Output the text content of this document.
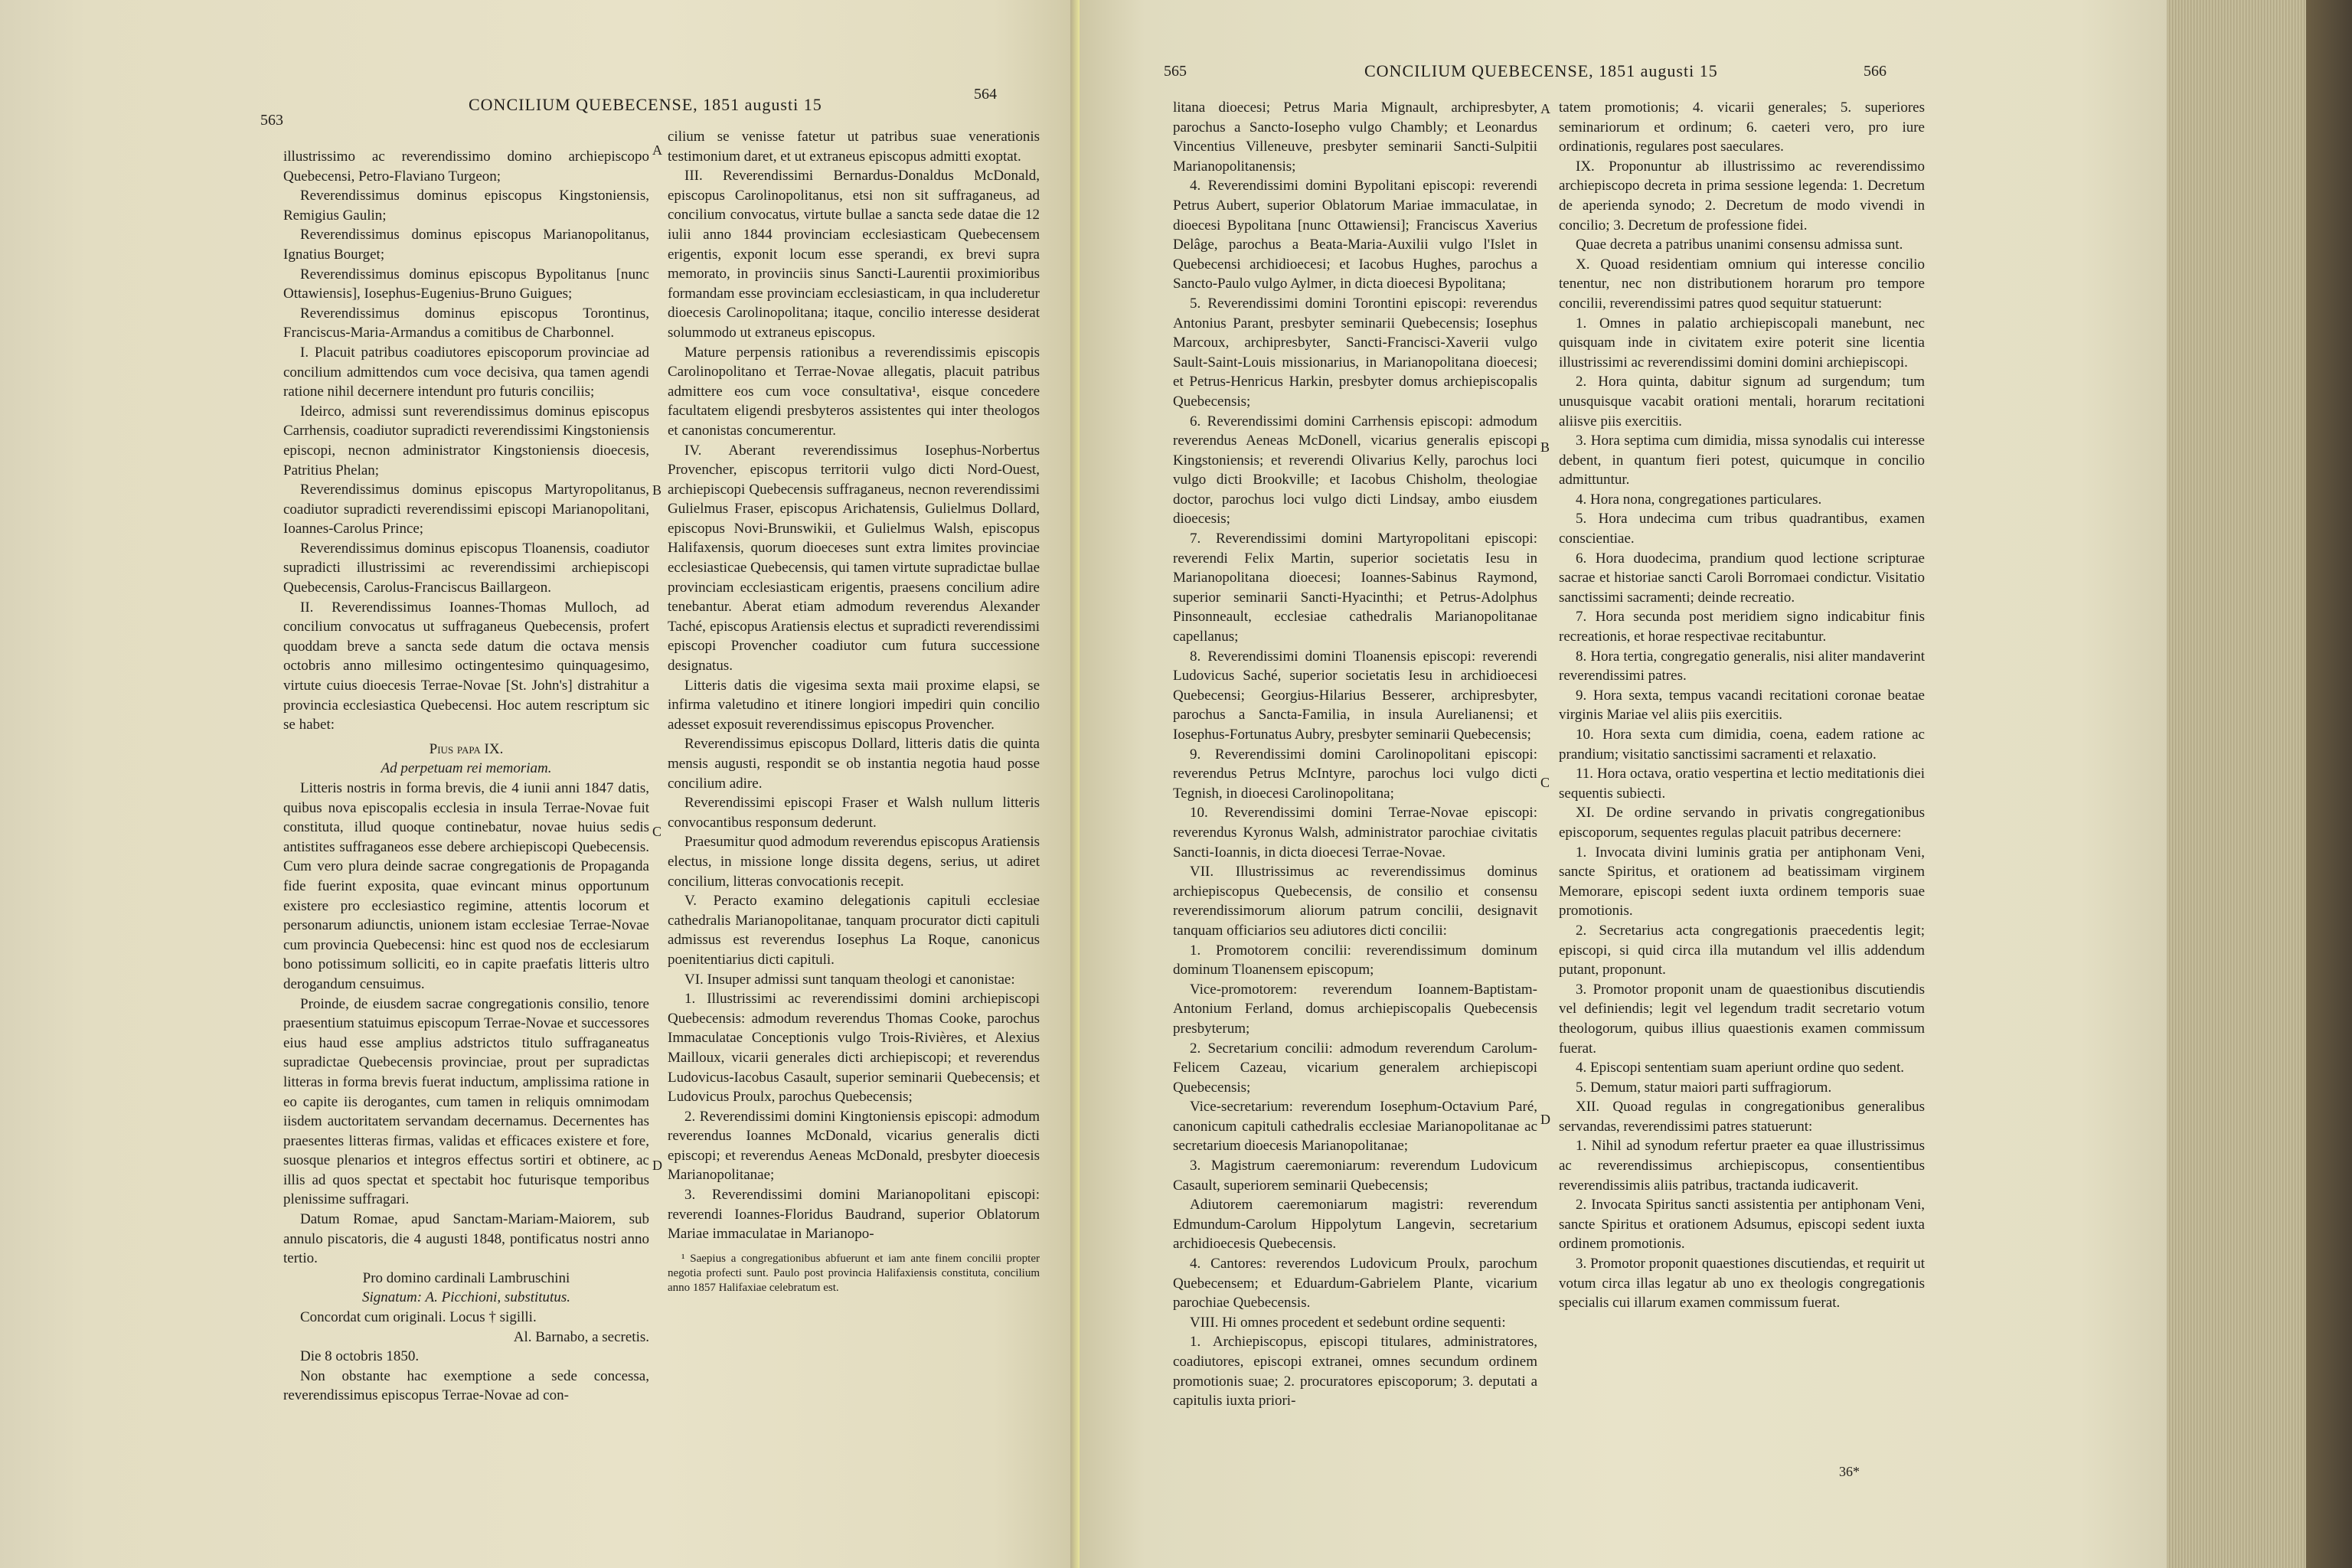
563
CONCILIUM QUEBECENSE, 1851 augusti 15
564

illustrissimo ac reverendissimo domino archiepiscopo Quebecensi, Petro-Flaviano Turgeon;

Reverendissimus dominus episcopus Kingstoniensis, Remigius Gaulin;

Reverendissimus dominus episcopus Marianopolitanus, Ignatius Bourget;

Reverendissimus dominus episcopus Bypolitanus [nunc Ottawiensis], Iosephus-Eugenius-Bruno Guigues;

Reverendissimus dominus episcopus Torontinus, Franciscus-Maria-Armandus a comitibus de Charbonnel.

I. Placuit patribus coadiutores episcoporum provinciae ad concilium admittendos cum voce decisiva, qua tamen agendi ratione nihil decernere intendunt pro futuris conciliis;

Ideirco, admissi sunt reverendissimus dominus episcopus Carrhensis, coadiutor supradicti reverendissimi Kingstoniensis episcopi, necnon administrator Kingstoniensis dioecesis, Patritius Phelan;

Reverendissimus dominus episcopus Martyropolitanus, coadiutor supradicti reverendissimi episcopi Marianopolitani, Ioannes-Carolus Prince;

Reverendissimus dominus episcopus Tloanensis, coadiutor supradicti illustrissimi ac reverendissimi archiepiscopi Quebecensis, Carolus-Franciscus Baillargeon.

II. Reverendissimus Ioannes-Thomas Mulloch, ad concilium convocatus ut suffraganeus Quebecensis, profert quoddam breve a sancta sede datum die octava mensis octobris anno millesimo octingentesimo quinquagesimo, virtute cuius dioecesis Terrae-Novae [St. John's] distrahitur a provincia ecclesiastica Quebecensi. Hoc autem rescriptum sic se habet:

Pius papa IX.

Ad perpetuam rei memoriam.

Litteris nostris in forma brevis, die 4 iunii anni 1847 datis, quibus nova episcopalis ecclesia in insula Terrae-Novae fuit constituta, illud quoque continebatur, novae huius sedis antistites suffraganeos esse debere archiepiscopi Quebecensis. Cum vero plura deinde sacrae congregationis de Propaganda fide fuerint exposita, quae evincant minus opportunum existere pro ecclesiastico regimine, attentis locorum et personarum adiunctis, unionem istam ecclesiae Terrae-Novae cum provincia Quebecensi: hinc est quod nos de ecclesiarum bono potissimum solliciti, eo in capite praefatis litteris ultro derogandum censuimus.

Proinde, de eiusdem sacrae congregationis consilio, tenore praesentium statuimus episcopum Terrae-Novae et successores eius haud esse amplius adstrictos titulo suffraganeatus supradictae Quebecensis provinciae, prout per supradictas litteras in forma brevis fuerat inductum, amplissima ratione in eo capite iis derogantes, cum tamen in reliquis omnimodam iisdem auctoritatem servandam decernamus. Decernentes has praesentes litteras firmas, validas et efficaces existere et fore, suosque plenarios et integros effectus sortiri et obtinere, ac illis ad quos spectat et spectabit hoc futurisque temporibus plenissime suffragari.

Datum Romae, apud Sanctam-Mariam-Maiorem, sub annulo piscatoris, die 4 augusti 1848, pontificatus nostri anno tertio.

Pro domino cardinali Lambruschini

Signatum: A. Picchioni, substitutus.

Concordat cum originali. Locus † sigilli.

Al. Barnabo, a secretis.

Die 8 octobris 1850.

Non obstante hac exemptione a sede concessa, reverendissimus episcopus Terrae-Novae ad con-

A
B
C
D

cilium se venisse fatetur ut patribus suae venerationis testimonium daret, et ut extraneus episcopus admitti exoptat.

III. Reverendissimi Bernardus-Donaldus McDonald, episcopus Carolinopolitanus, etsi non sit suffraganeus, ad concilium convocatus, virtute bullae a sancta sede datae die 12 iulii anno 1844 provinciam ecclesiasticam Quebecensem erigentis, exponit locum esse sperandi, ex brevi supra memorato, in provinciis sinus Sancti-Laurentii proximioribus formandam esse provinciam ecclesiasticam, in qua includeretur dioecesis Carolinopolitana; itaque, concilio interesse desiderat solummodo ut extraneus episcopus.

Mature perpensis rationibus a reverendissimis episcopis Carolinopolitano et Terrae-Novae allegatis, placuit patribus admittere eos cum voce consultativa¹, eisque concedere facultatem eligendi presbyteros assistentes qui inter theologos et canonistas concumerentur.

IV. Aberant reverendissimus Iosephus-Norbertus Provencher, episcopus territorii vulgo dicti Nord-Ouest, archiepiscopi Quebecensis suffraganeus, necnon reverendissimi Gulielmus Fraser, episcopus Arichatensis, Gulielmus Dollard, episcopus Novi-Brunswikii, et Gulielmus Walsh, episcopus Halifaxensis, quorum dioeceses sunt extra limites provinciae ecclesiasticae Quebecensis, qui tamen virtute supradictae bullae provinciam ecclesiasticam erigentis, praesens concilium adire tenebantur. Aberat etiam admodum reverendus Alexander Taché, episcopus Aratiensis electus et supradicti reverendissimi episcopi Provencher coadiutor cum futura successione designatus.

Litteris datis die vigesima sexta maii proxime elapsi, se infirma valetudino et itinere longiori impediri quin concilio adesset exposuit reverendissimus episcopus Provencher.

Reverendissimus episcopus Dollard, litteris datis die quinta mensis augusti, respondit se ob instantia negotia haud posse concilium adire.

Reverendissimi episcopi Fraser et Walsh nullum litteris convocantibus responsum dederunt.

Praesumitur quod admodum reverendus episcopus Aratiensis electus, in missione longe dissita degens, serius, ut adiret concilium, litteras convocationis recepit.

V. Peracto examino delegationis capituli ecclesiae cathedralis Marianopolitanae, tanquam procurator dicti capituli admissus est reverendus Iosephus La Roque, canonicus poenitentiarius dicti capituli.

VI. Insuper admissi sunt tanquam theologi et canonistae:

1. Illustrissimi ac reverendissimi domini archiepiscopi Quebecensis: admodum reverendus Thomas Cooke, parochus Immaculatae Conceptionis vulgo Trois-Rivières, et Alexius Mailloux, vicarii generales dicti archiepiscopi; et reverendus Ludovicus-Iacobus Casault, superior seminarii Quebecensis; et Ludovicus Proulx, parochus Quebecensis;

2. Reverendissimi domini Kingtoniensis episcopi: admodum reverendus Ioannes McDonald, vicarius generalis dicti episcopi; et reverendus Aeneas McDonald, presbyter dioecesis Marianopolitanae;

3. Reverendissimi domini Marianopolitani episcopi: reverendi Ioannes-Floridus Baudrand, superior Oblatorum Mariae immaculatae in Marianopo-

¹ Saepius a congregationibus abfuerunt et iam ante finem concilii propter negotia profecti sunt. Paulo post provincia Halifaxiensis constituta, concilium anno 1857 Halifaxiae celebratum est.

565	CONCILIUM QUEBECENSE, 1851 augusti 15	566

litana dioecesi; Petrus Maria Mignault, archipresbyter, parochus a Sancto-Iosepho vulgo Chambly; et Leonardus Vincentius Villeneuve, presbyter seminarii Sancti-Sulpitii Marianopolitanensis;

4. Reverendissimi domini Bypolitani episcopi: reverendi Petrus Aubert, superior Oblatorum Mariae immaculatae, in dioecesi Bypolitana [nunc Ottawiensi]; Franciscus Xaverius Delâge, parochus a Beata-Maria-Auxilii vulgo l'Islet in Quebecensi archidioecesi; et Iacobus Hughes, parochus a Sancto-Paulo vulgo Aylmer, in dicta dioecesi Bypolitana;

5. Reverendissimi domini Torontini episcopi: reverendus Antonius Parant, presbyter seminarii Quebecensis; Iosephus Marcoux, archipresbyter, Sancti-Francisci-Xaverii vulgo Sault-Saint-Louis missionarius, in Marianopolitana dioecesi; et Petrus-Henricus Harkin, presbyter domus archiepiscopalis Quebecensis;

6. Reverendissimi domini Carrhensis episcopi: admodum reverendus Aeneas McDonell, vicarius generalis episcopi Kingstoniensis; et reverendi Olivarius Kelly, parochus loci vulgo dicti Brookville; et Iacobus Chisholm, theologiae doctor, parochus loci vulgo dicti Lindsay, ambo eiusdem dioecesis;

7. Reverendissimi domini Martyropolitani episcopi: reverendi Felix Martin, superior societatis Iesu in Marianopolitana dioecesi; Ioannes-Sabinus Raymond, superior seminarii Sancti-Hyacinthi; et Petrus-Adolphus Pinsonneault, ecclesiae cathedralis Marianopolitanae capellanus;

8. Reverendissimi domini Tloanensis episcopi: reverendi Ludovicus Saché, superior societatis Iesu in archidioecesi Quebecensi; Georgius-Hilarius Besserer, archipresbyter, parochus a Sancta-Familia, in insula Aurelianensi; et Iosephus-Fortunatus Aubry, presbyter seminarii Quebecensis;

9. Reverendissimi domini Carolinopolitani episcopi: reverendus Petrus McIntyre, parochus loci vulgo dicti Tegnish, in dioecesi Carolinopolitana;

10. Reverendissimi domini Terrae-Novae episcopi: reverendus Kyronus Walsh, administrator parochiae civitatis Sancti-Ioannis, in dicta dioecesi Terrae-Novae.

VII. Illustrissimus ac reverendissimus dominus archiepiscopus Quebecensis, de consilio et consensu reverendissimorum aliorum patrum concilii, designavit tanquam officiarios seu adiutores dicti concilii:

1. Promotorem concilii: reverendissimum dominum dominum Tloanensem episcopum;

Vice-promotorem: reverendum Ioannem-Baptistam-Antonium Ferland, domus archiepiscopalis Quebecensis presbyterum;

2. Secretarium concilii: admodum reverendum Carolum-Felicem Cazeau, vicarium generalem archiepiscopi Quebecensis;

Vice-secretarium: reverendum Iosephum-Octavium Paré, canonicum capituli cathedralis ecclesiae Marianopolitanae ac secretarium dioecesis Marianopolitanae;

3. Magistrum caeremoniarum: reverendum Ludovicum Casault, superiorem seminarii Quebecensis;

Adiutorem caeremoniarum magistri: reverendum Edmundum-Carolum Hippolytum Langevin, secretarium archidioecesis Quebecensis.

4. Cantores: reverendos Ludovicum Proulx, parochum Quebecensem; et Eduardum-Gabrielem Plante, vicarium parochiae Quebecensis.

VIII. Hi omnes procedent et sedebunt ordine sequenti:

1. Archiepiscopus, episcopi titulares, administratores, coadiutores, episcopi extranei, omnes secundum ordinem promotionis suae; 2. procuratores episcoporum; 3. deputati a capitulis iuxta priori-

A
B
C
D

tatem promotionis; 4. vicarii generales; 5. superiores seminariorum et ordinum; 6. caeteri vero, pro iure ordinationis, regulares post saeculares.

IX. Proponuntur ab illustrissimo ac reverendissimo archiepiscopo decreta in prima sessione legenda: 1. Decretum de aperienda synodo; 2. Decretum de modo vivendi in concilio; 3. Decretum de professione fidei.

Quae decreta a patribus unanimi consensu admissa sunt.

X. Quoad residentiam omnium qui interesse concilio tenentur, nec non distributionem horarum pro tempore concilii, reverendissimi patres quod sequitur statuerunt:

1. Omnes in palatio archiepiscopali manebunt, nec quisquam inde in civitatem exire poterit sine licentia illustrissimi ac reverendissimi domini domini archiepiscopi.

2. Hora quinta, dabitur signum ad surgendum; tum unusquisque vacabit orationi mentali, horarum recitationi aliisve piis exercitiis.

3. Hora septima cum dimidia, missa synodalis cui interesse debent, in quantum fieri potest, quicumque in concilio admittuntur.

4. Hora nona, congregationes particulares.

5. Hora undecima cum tribus quadrantibus, examen conscientiae.

6. Hora duodecima, prandium quod lectione scripturae sacrae et historiae sancti Caroli Borromaei condictur. Visitatio sanctissimi sacramenti; deinde recreatio.

7. Hora secunda post meridiem signo indicabitur finis recreationis, et horae respectivae recitabuntur.

8. Hora tertia, congregatio generalis, nisi aliter mandaverint reverendissimi patres.

9. Hora sexta, tempus vacandi recitationi coronae beatae virginis Mariae vel aliis piis exercitiis.

10. Hora sexta cum dimidia, coena, eadem ratione ac prandium; visitatio sanctissimi sacramenti et relaxatio.

11. Hora octava, oratio vespertina et lectio meditationis diei sequentis subiecti.

XI. De ordine servando in privatis congregationibus episcoporum, sequentes regulas placuit patribus decernere:

1. Invocata divini luminis gratia per antiphonam Veni, sancte Spiritus, et orationem ad beatissimam virginem Memorare, episcopi sedent iuxta ordinem temporis suae promotionis.

2. Secretarius acta congregationis praecedentis legit; episcopi, si quid circa illa mutandum vel illis addendum putant, proponunt.

3. Promotor proponit unam de quaestionibus discutiendis vel definiendis; legit vel legendum tradit secretario votum theologorum, quibus illius quaestionis examen commissum fuerat.

4. Episcopi sententiam suam aperiunt ordine quo sedent.

5. Demum, statur maiori parti suffragiorum.

XII. Quoad regulas in congregationibus generalibus servandas, reverendissimi patres statuerunt:

1. Nihil ad synodum refertur praeter ea quae illustrissimus ac reverendissimus archiepiscopus, consentientibus reverendissimis aliis patribus, tractanda iudicaverit.

2. Invocata Spiritus sancti assistentia per antiphonam Veni, sancte Spiritus et orationem Adsumus, episcopi sedent iuxta ordinem promotionis.

3. Promotor proponit quaestiones discutiendas, et requirit ut votum circa illas legatur ab uno ex theologis congregationis specialis cui illarum examen commissum fuerat.

36*
